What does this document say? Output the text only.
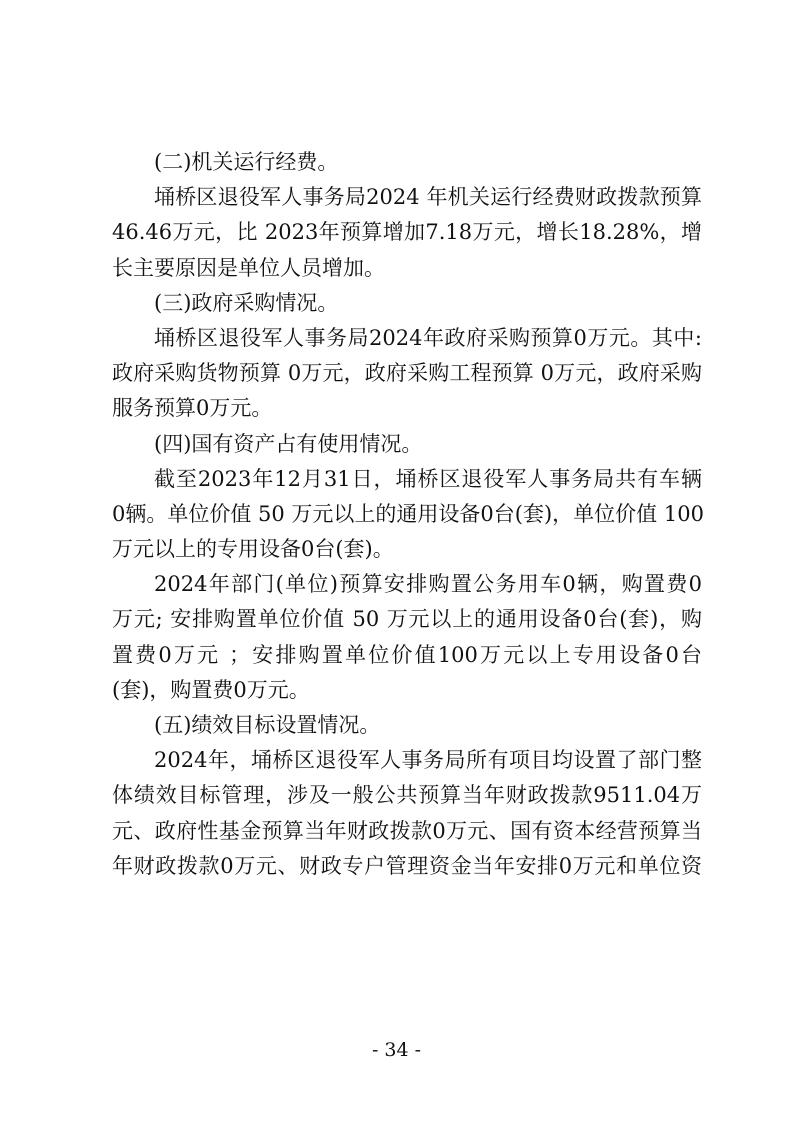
(二)机关运行经费。
埇桥区退役军人事务局2024 年机关运行经费财政拨款预算
46.46万元，比 2023年预算增加7.18万元，增长18.28%，增
长主要原因是单位人员增加。
(三)政府采购情况。
埇桥区退役军人事务局2024年政府采购预算0万元。其中:
政府采购货物预算 0万元，政府采购工程预算 0万元，政府采购
服务预算0万元。
(四)国有资产占有使用情况。
截至2023年12月31日，埇桥区退役军人事务局共有车辆
0辆。单位价值 50 万元以上的通用设备0台(套)，单位价值 100
万元以上的专用设备0台(套)。
2024年部门(单位)预算安排购置公务用车0辆，购置费0
万元; 安排购置单位价值 50 万元以上的通用设备0台(套)，购
置费0万元 ；安排购置单位价值100万元以上专用设备0台
(套)，购置费0万元。
(五)绩效目标设置情况。
2024年，埇桥区退役军人事务局所有项目均设置了部门整
体绩效目标管理，涉及一般公共预算当年财政拨款9511.04万
元、政府性基金预算当年财政拨款0万元、国有资本经营预算当
年财政拨款0万元、财政专户管理资金当年安排0万元和单位资
- 34 -
